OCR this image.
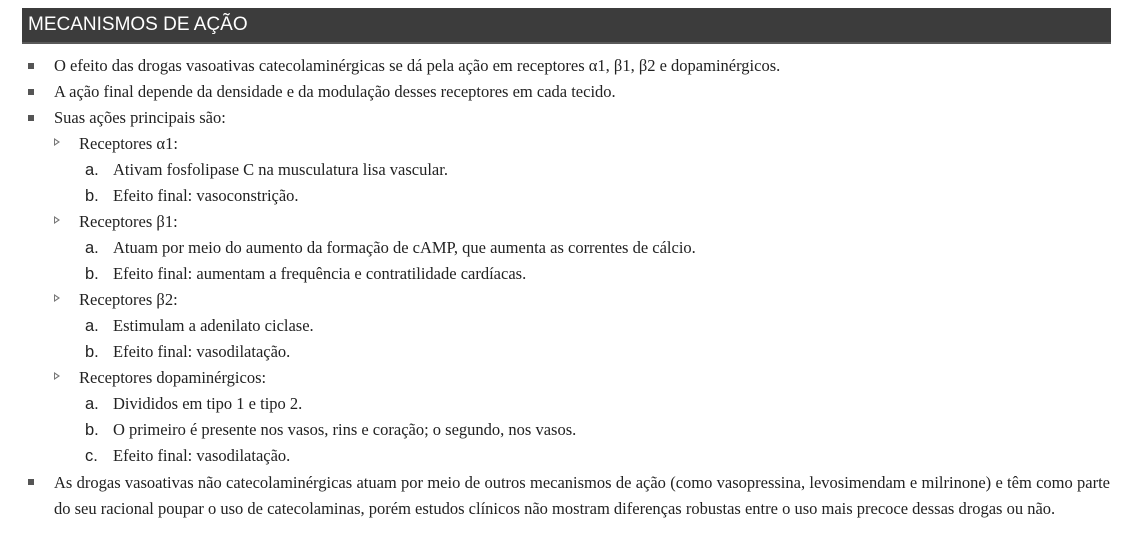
MECANISMOS DE AÇÃO
O efeito das drogas vasoativas catecolaminérgicas se dá pela ação em receptores α1, β1, β2 e dopaminérgicos.
A ação final depende da densidade e da modulação desses receptores em cada tecido.
Suas ações principais são:
Receptores α1:
a. Ativam fosfolipase C na musculatura lisa vascular.
b. Efeito final: vasoconstrição.
Receptores β1:
a. Atuam por meio do aumento da formação de cAMP, que aumenta as correntes de cálcio.
b. Efeito final: aumentam a frequência e contratilidade cardíacas.
Receptores β2:
a. Estimulam a adenilato ciclase.
b. Efeito final: vasodilatação.
Receptores dopaminérgicos:
a. Divididos em tipo 1 e tipo 2.
b. O primeiro é presente nos vasos, rins e coração; o segundo, nos vasos.
c. Efeito final: vasodilatação.
As drogas vasoativas não catecolaminérgicas atuam por meio de outros mecanismos de ação (como vasopressina, levosimendam e milrinone) e têm como parte do seu racional poupar o uso de catecolaminas, porém estudos clínicos não mostram diferenças robustas entre o uso mais precoce dessas drogas ou não.
